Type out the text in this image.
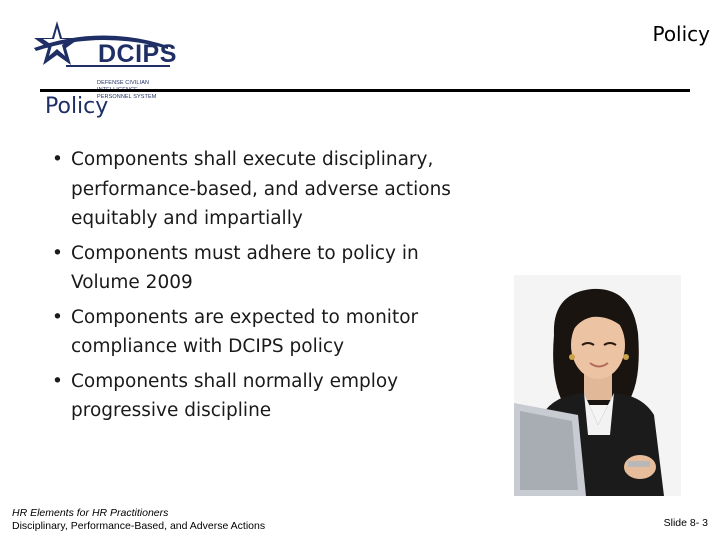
DCIPS
DEFENSE CIVILIAN
PERSONNEL SYSTEM
Policy
Policy
• Components shall execute disciplinary, performance-based, and adverse actions equitably and impartially
• Components must adhere to policy in Volume 2009
• Components are expected to monitor compliance with DCIPS policy
• Components shall normally employ progressive discipline
HR Elements for HR Practitioners
Disciplinary, Performance-Based, and Adverse Actions	Slide 8- 3
